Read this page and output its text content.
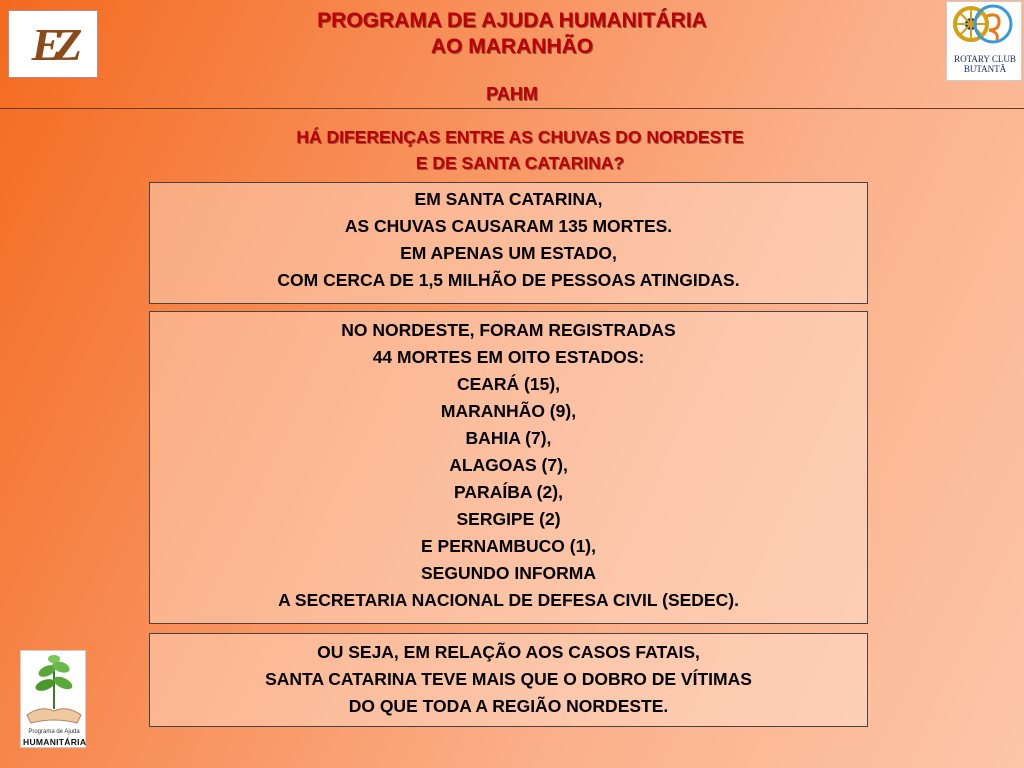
EZ	ROTARY CLUB
BUTANTÃ
Programa de Ajuda
HUMANITÁRIA
PROGRAMA DE AJUDA HUMANITÁRIA
AO MARANHÃO
PAHM
HÁ DIFERENÇAS ENTRE AS CHUVAS DO NORDESTE
E DE SANTA CATARINA?
EM SANTA CATARINA,
AS CHUVAS CAUSARAM 135 MORTES.
EM APENAS UM ESTADO,
COM CERCA DE 1,5 MILHÃO DE PESSOAS ATINGIDAS.
NO NORDESTE, FORAM REGISTRADAS
44 MORTES EM OITO ESTADOS:
CEARÁ (15),
MARANHÃO (9),
BAHIA (7),
ALAGOAS (7),
PARAÍBA (2),
SERGIPE (2)
E PERNAMBUCO (1),
SEGUNDO INFORMA
A SECRETARIA NACIONAL DE DEFESA CIVIL (SEDEC).
OU SEJA, EM RELAÇÃO AOS CASOS FATAIS,
SANTA CATARINA TEVE MAIS QUE O DOBRO DE VÍTIMAS
DO QUE TODA A REGIÃO NORDESTE.
